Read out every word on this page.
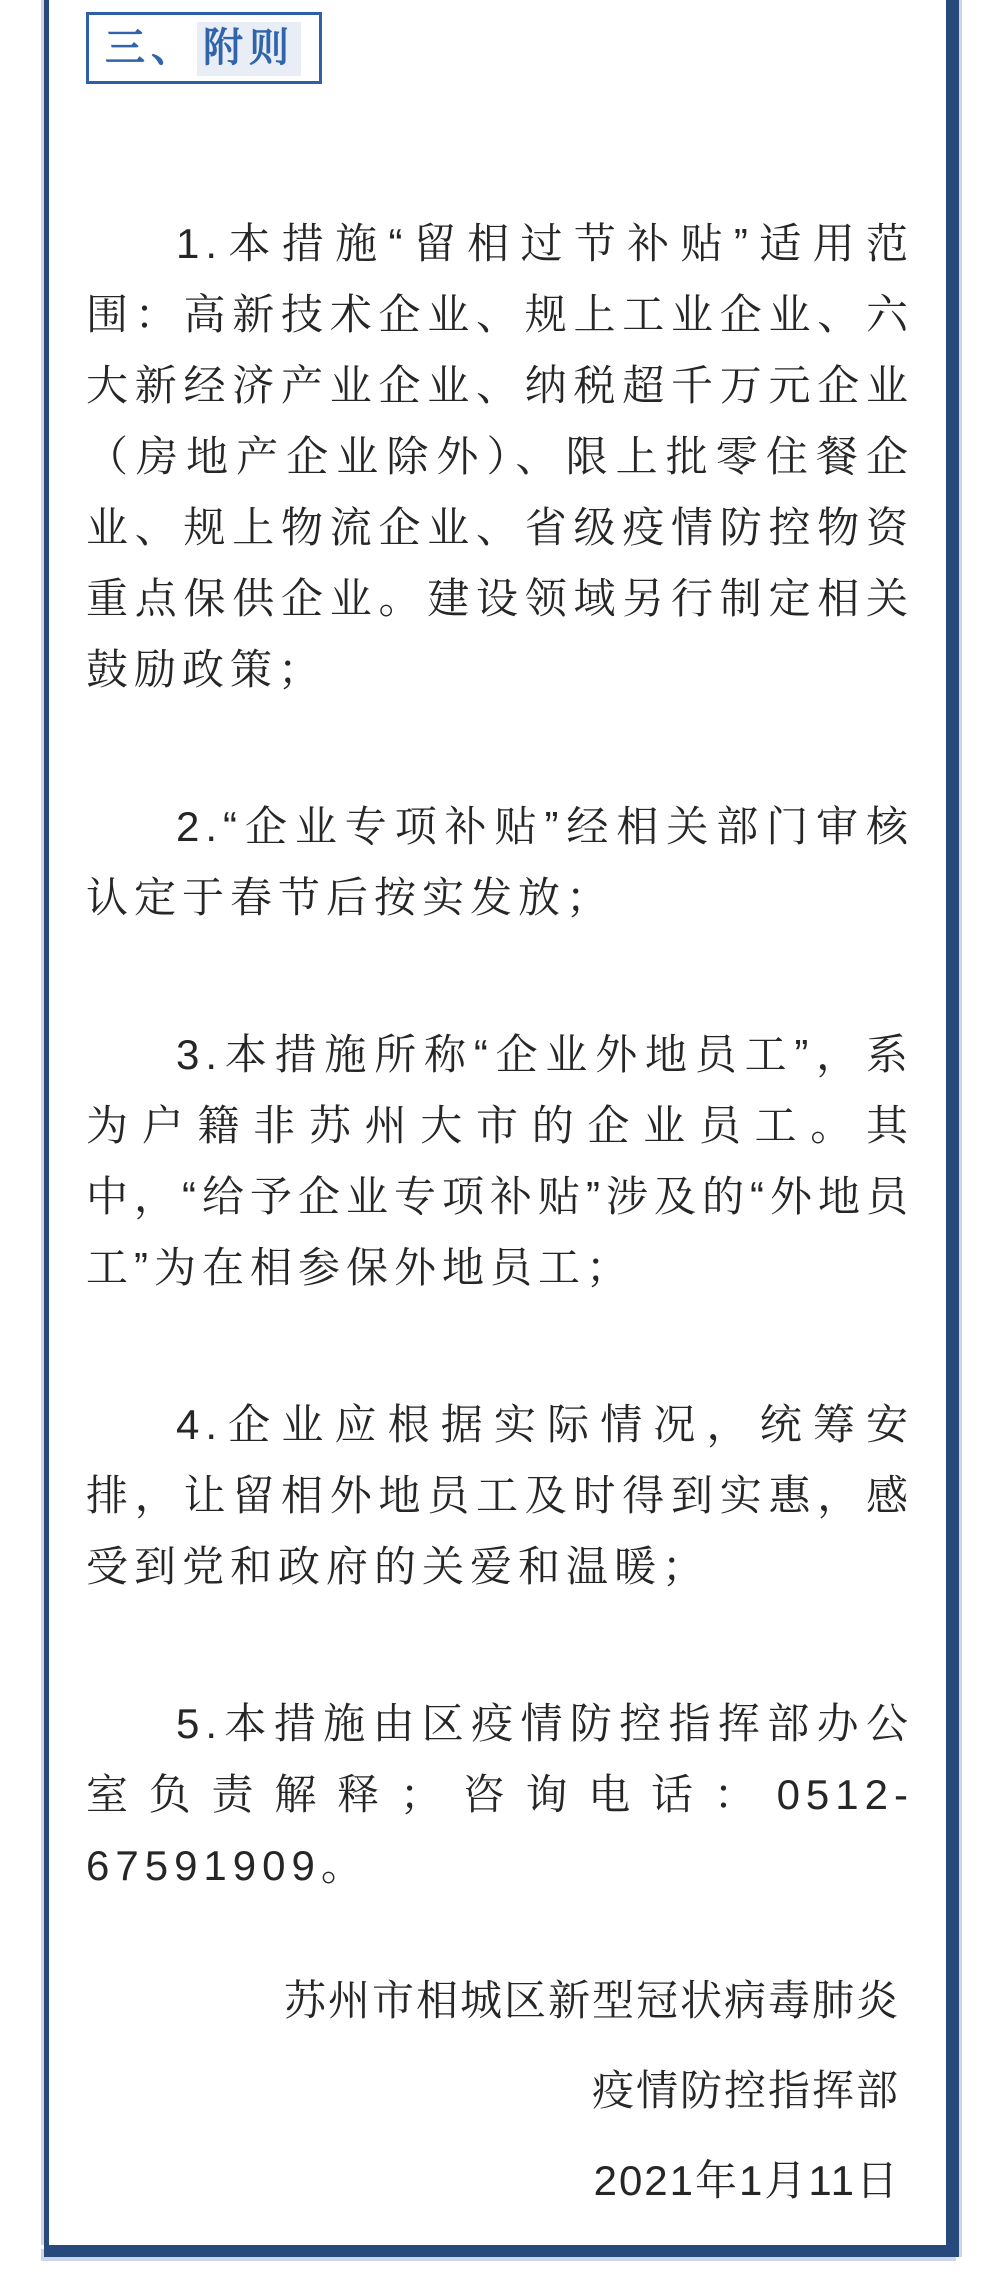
三、 附则

1.本措施“留相过节补贴”适用范围：高新技术企业、规上工业企业、六大新经济产业企业、纳税超千万元企业（房地产企业除外）、限上批零住餐企业、规上物流企业、省级疫情防控物资重点保供企业。建设领域另行制定相关鼓励政策；

2.“企业专项补贴”经相关部门审核认定于春节后按实发放；

3.本措施所称“企业外地员工”，系为户籍非苏州大市的企业员工。其中，“给予企业专项补贴”涉及的“外地员工”为在相参保外地员工；

4.企业应根据实际情况，统筹安排，让留相外地员工及时得到实惠，感受到党和政府的关爱和温暖；

5.本措施由区疫情防控指挥部办公室负责解释；咨询电话：0512-67591909。

苏州市相城区新型冠状病毒肺炎

疫情防控指挥部

2021年1月11日
